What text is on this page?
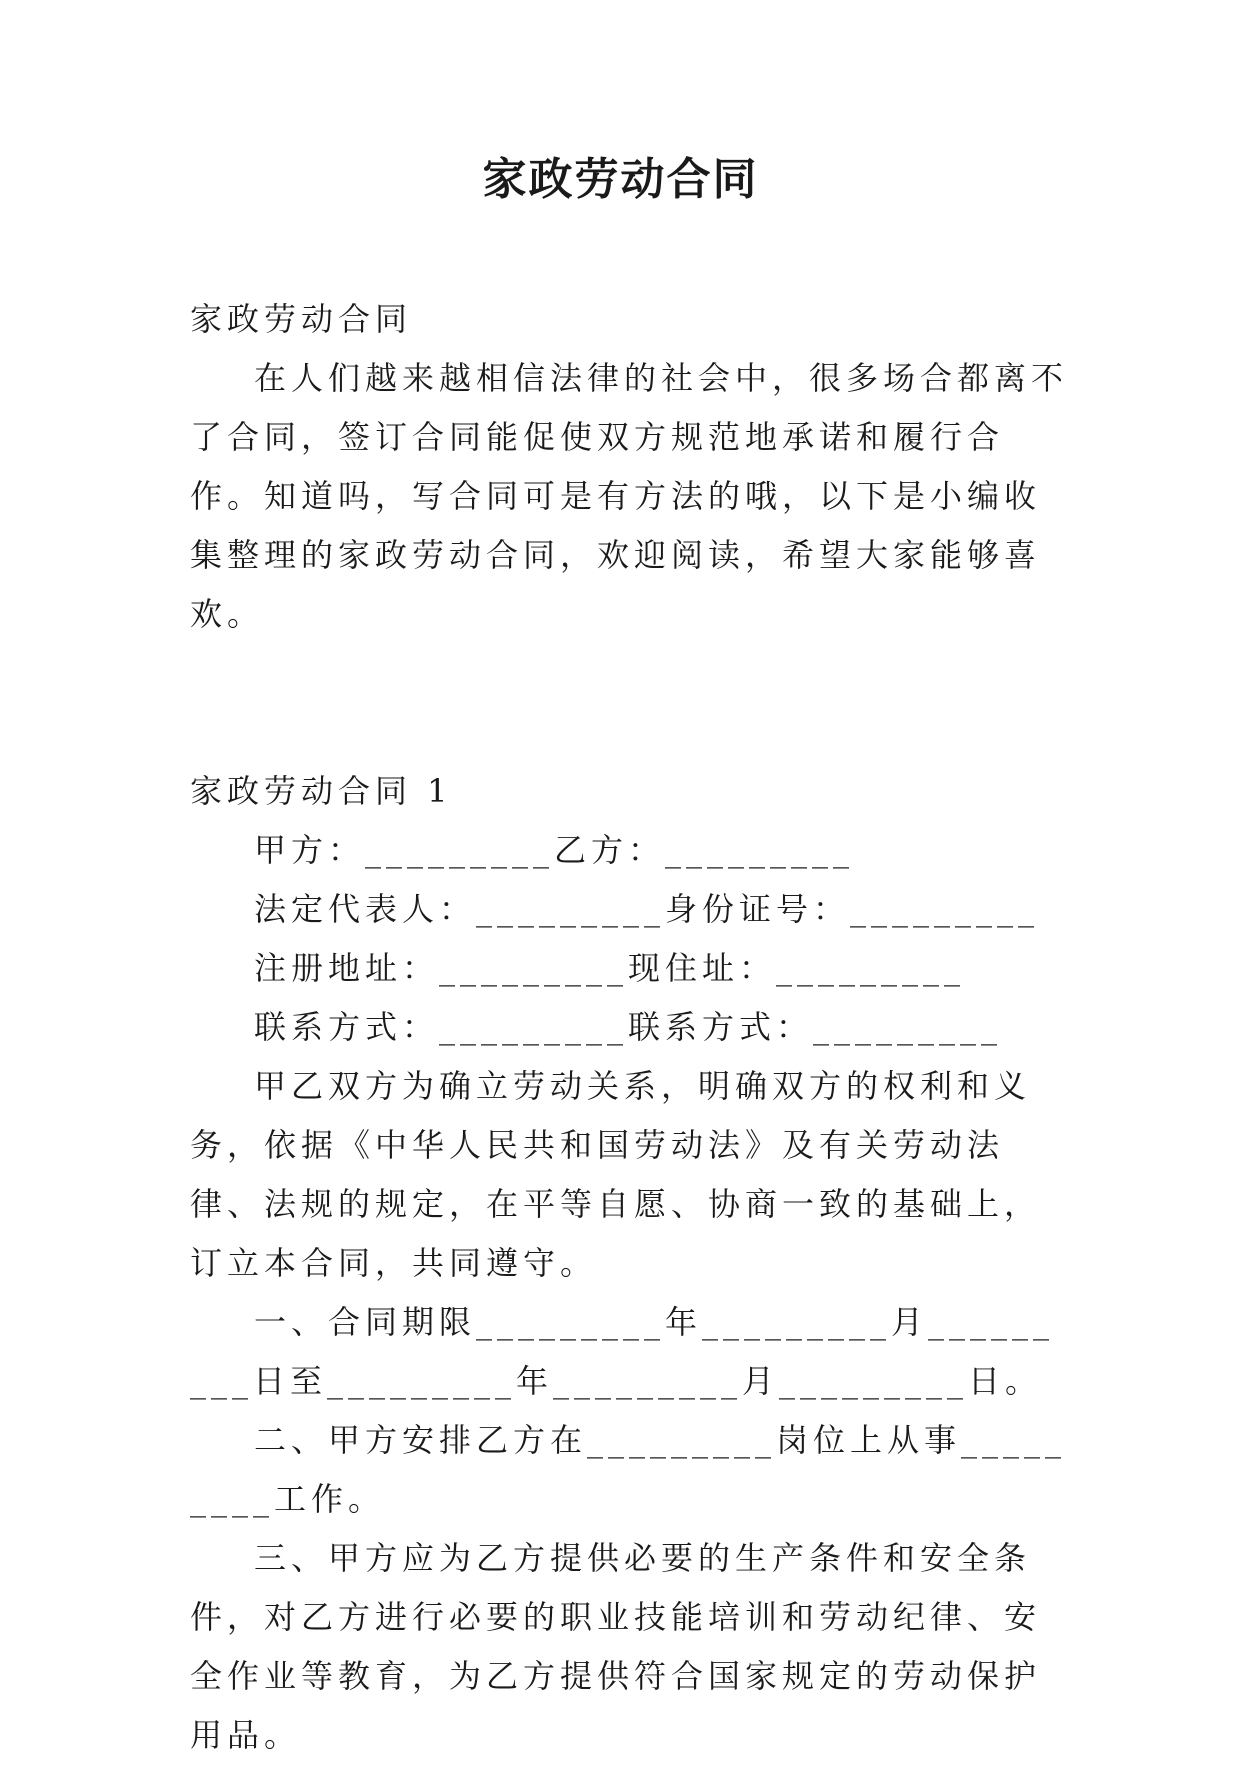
家政劳动合同

家政劳动合同

在人们越来越相信法律的社会中，很多场合都离不了合同，签订合同能促使双方规范地承诺和履行合作。知道吗，写合同可是有方法的哦，以下是小编收集整理的家政劳动合同，欢迎阅读，希望大家能够喜欢。

家政劳动合同 1

甲方：_________乙方：_________

法定代表人：_________身份证号：_________

注册地址：_________现住址：_________

联系方式：_________联系方式：_________

甲乙双方为确立劳动关系，明确双方的权利和义务，依据《中华人民共和国劳动法》及有关劳动法律、法规的规定，在平等自愿、协商一致的基础上，订立本合同，共同遵守。

一、合同期限_________年_________月_________日至_________年_________月_________日。

二、甲方安排乙方在_________岗位上从事_________工作。

三、甲方应为乙方提供必要的生产条件和安全条件，对乙方进行必要的职业技能培训和劳动纪律、安全作业等教育，为乙方提供符合国家规定的劳动保护用品。
